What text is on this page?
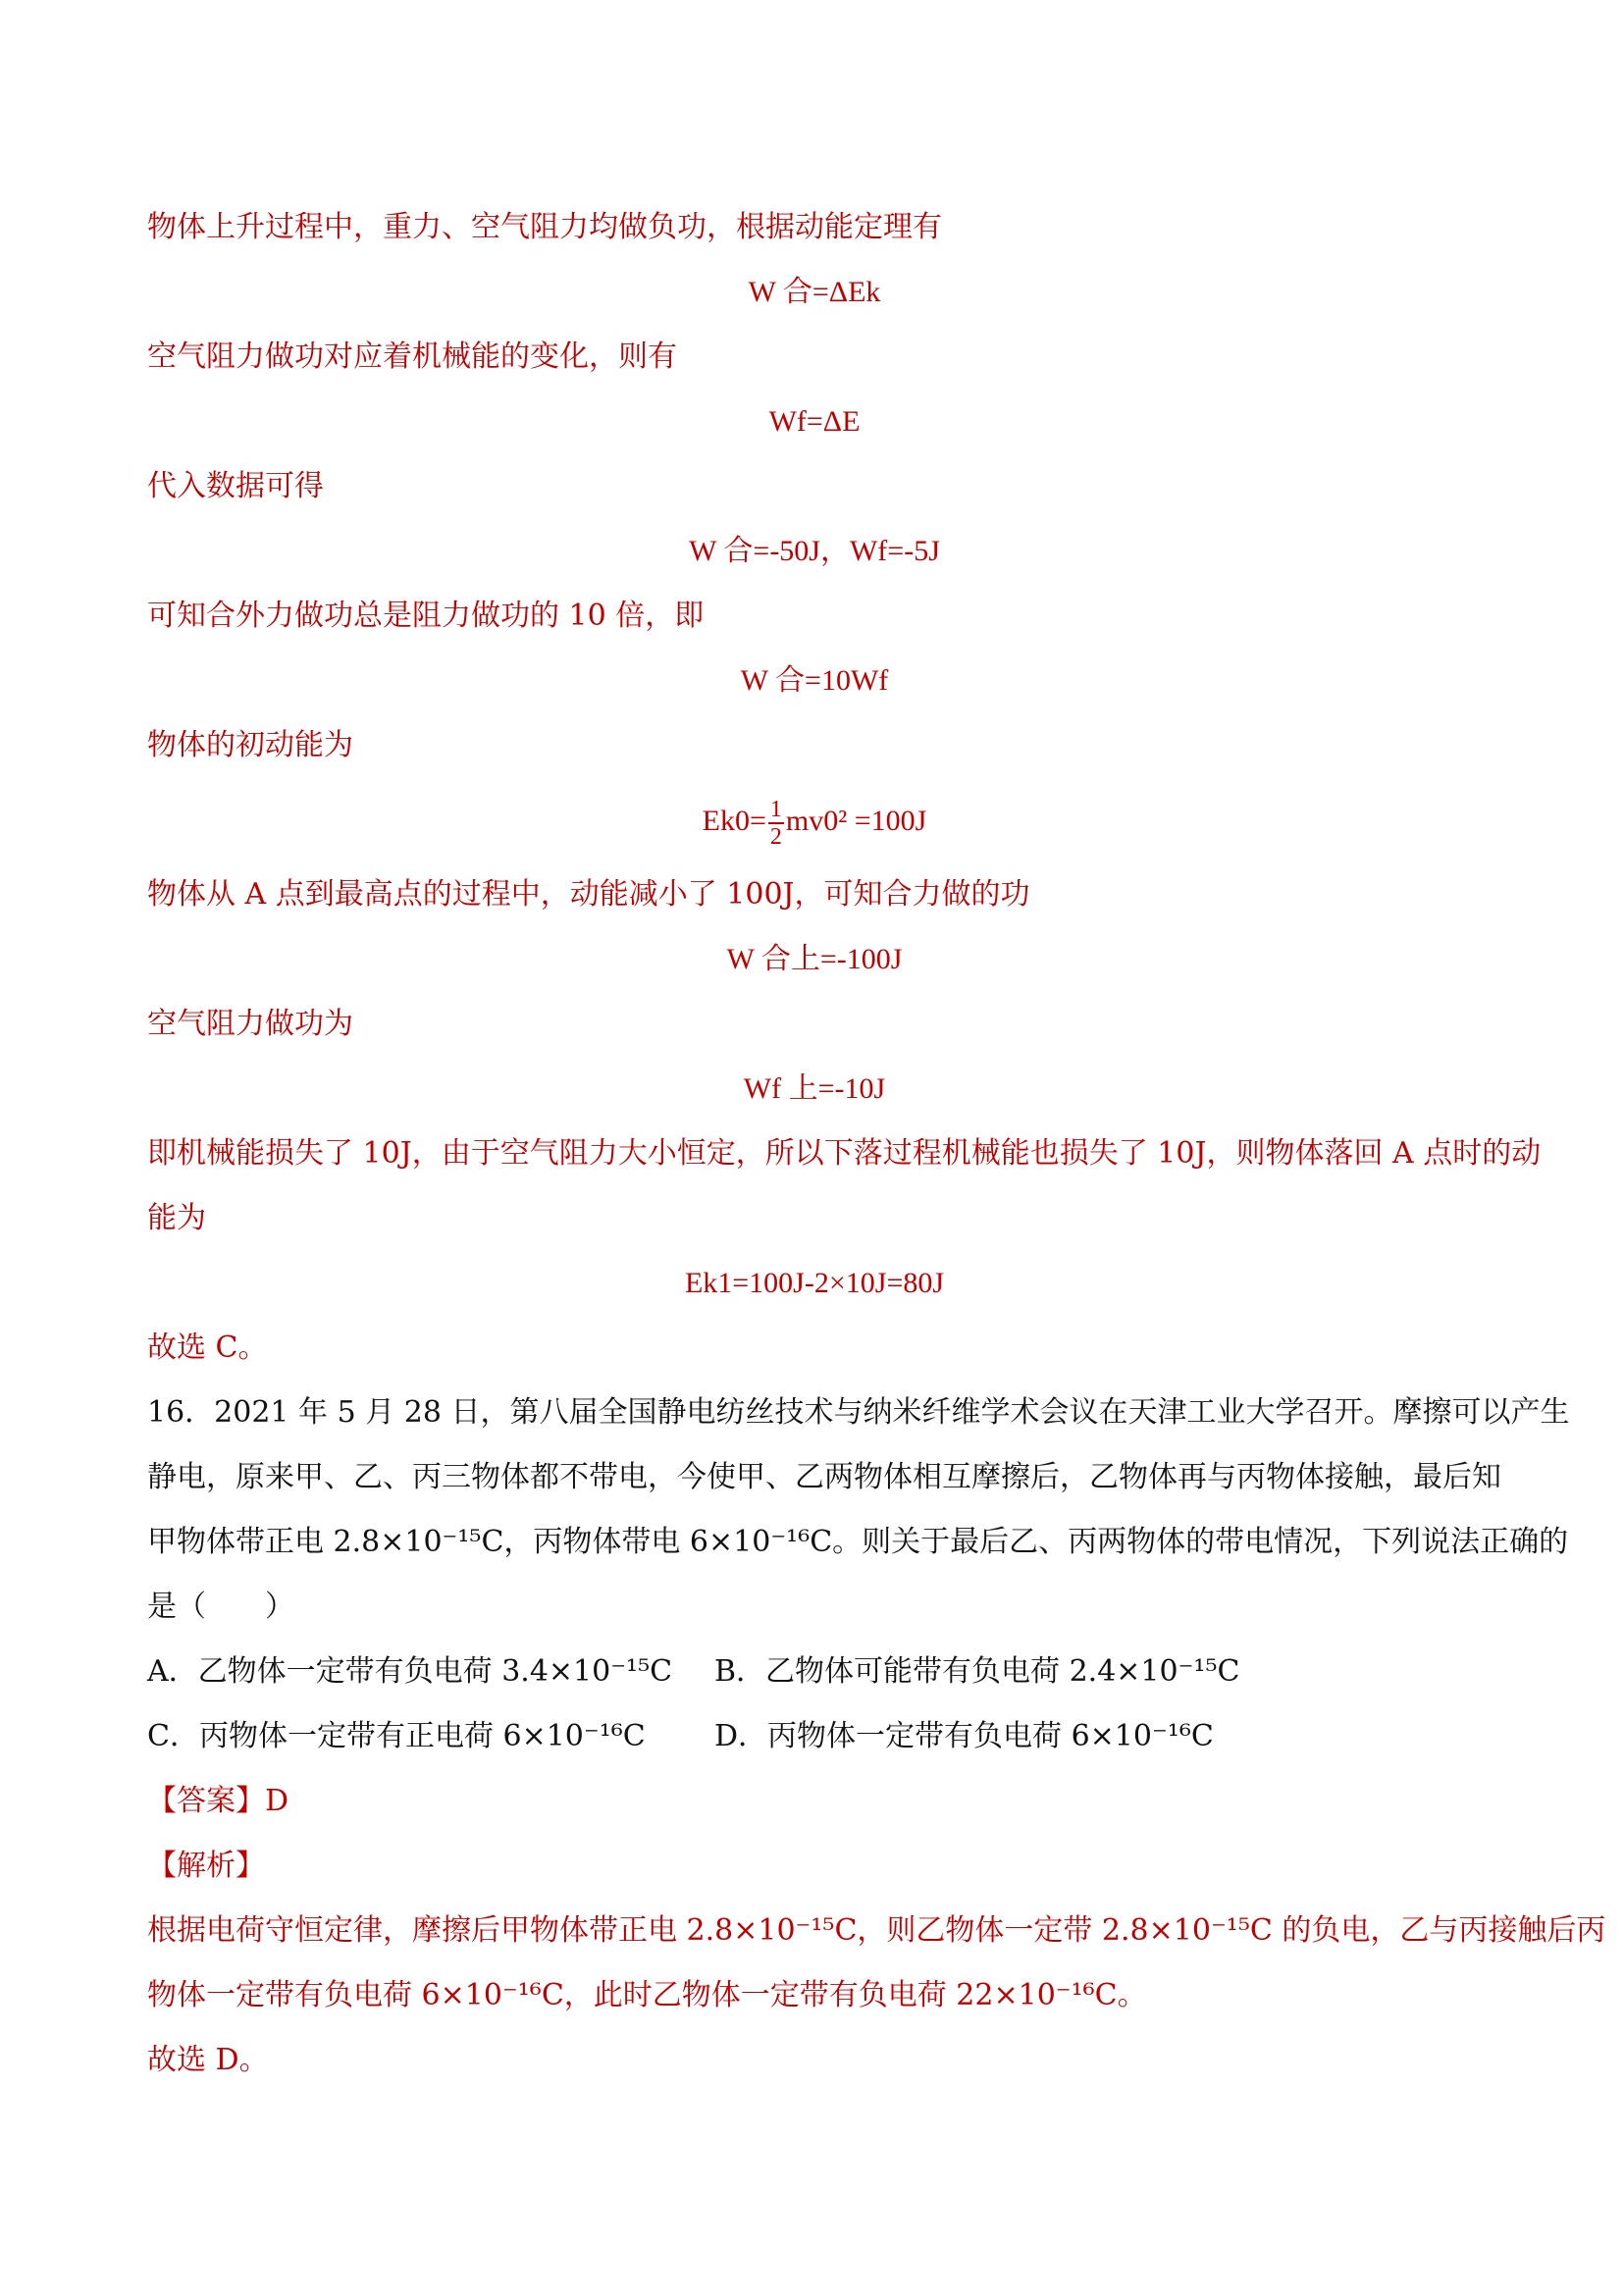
物体上升过程中，重力、空气阻力均做负功，根据动能定理有
W 合=ΔEk
空气阻力做功对应着机械能的变化，则有
Wf=ΔE
代入数据可得
W 合=-50J，Wf=-5J
可知合外力做功总是阻力做功的 10 倍，即
W 合=10Wf
物体的初动能为
$Ek0= \frac{1}{2} mv0^2 =100J$
物体从 A 点到最高点的过程中，动能减小了 100J，可知合力做的功
W 合上=-100J
空气阻力做功为
Wf 上=-10J
即机械能损失了 10J，由于空气阻力大小恒定，所以下落过程机械能也损失了 10J，则物体落回 A 点时的动
能为
Ek1=100J-2×10J=80J
故选 C。
16．2021 年 5 月 28 日，第八届全国静电纺丝技术与纳米纤维学术会议在天津工业大学召开。摩擦可以产生
静电，原来甲、乙、丙三物体都不带电，今使甲、乙两物体相互摩擦后，乙物体再与丙物体接触，最后知
甲物体带正电 2.8×10⁻¹⁵C，丙物体带电 6×10⁻¹⁶C。则关于最后乙、丙两物体的带电情况，下列说法正确的
是（　　）
A．乙物体一定带有负电荷 3.4×10⁻¹⁵C B．乙物体可能带有负电荷 2.4×10⁻¹⁵C
C．丙物体一定带有正电荷 6×10⁻¹⁶C D．丙物体一定带有负电荷 6×10⁻¹⁶C
【答案】D
【解析】
根据电荷守恒定律，摩擦后甲物体带正电 2.8×10⁻¹⁵C，则乙物体一定带 2.8×10⁻¹⁵C 的负电，乙与丙接触后丙
物体一定带有负电荷 6×10⁻¹⁶C，此时乙物体一定带有负电荷 22×10⁻¹⁶C。
故选 D。
